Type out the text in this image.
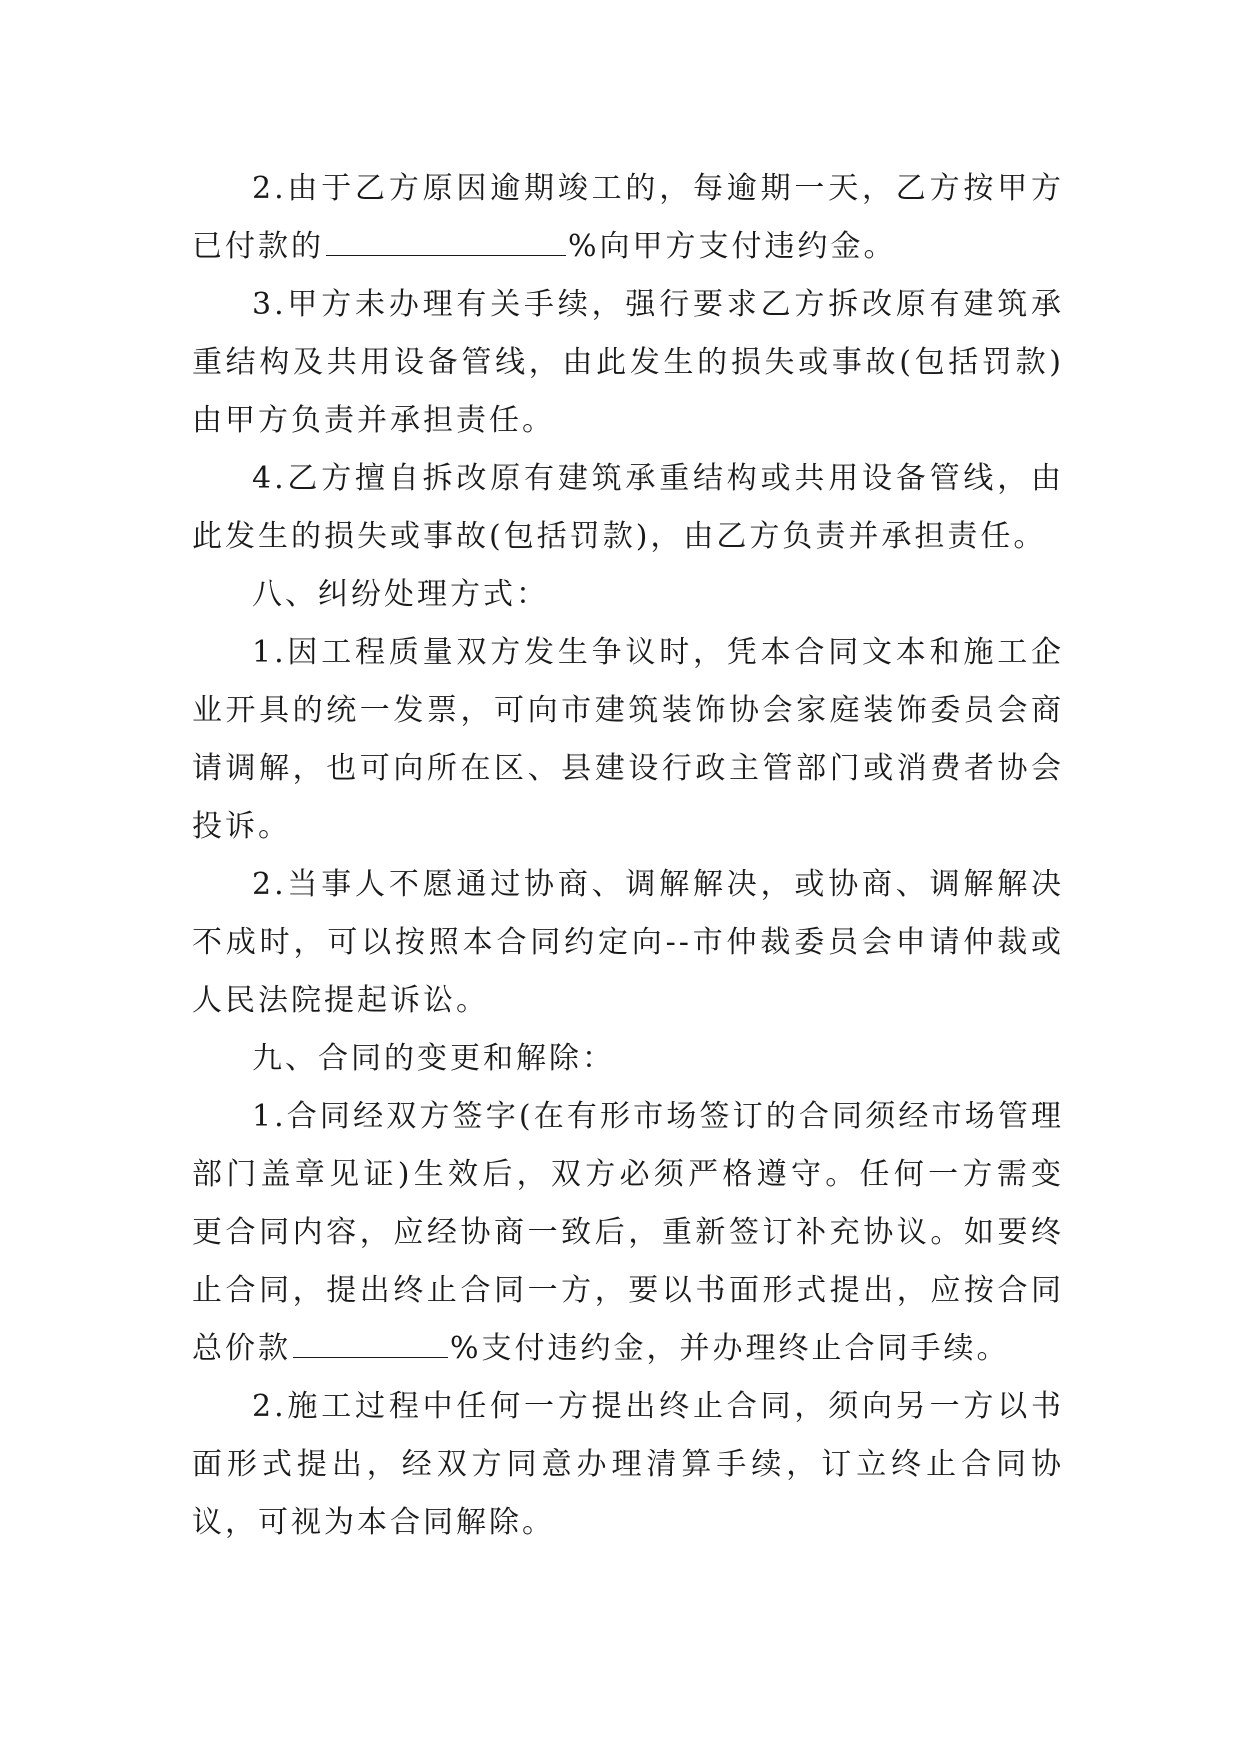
2.由于乙方原因逾期竣工的，每逾期一天，乙方按甲方已付款的	%向甲方支付违约金。

3.甲方未办理有关手续，强行要求乙方拆改原有建筑承重结构及共用设备管线，由此发生的损失或事故(包括罚款)由甲方负责并承担责任。

4.乙方擅自拆改原有建筑承重结构或共用设备管线，由此发生的损失或事故(包括罚款)，由乙方负责并承担责任。

八、纠纷处理方式：

1.因工程质量双方发生争议时，凭本合同文本和施工企业开具的统一发票，可向市建筑装饰协会家庭装饰委员会商请调解，也可向所在区、县建设行政主管部门或消费者协会投诉。

2.当事人不愿通过协商、调解解决，或协商、调解解决不成时，可以按照本合同约定向--市仲裁委员会申请仲裁或人民法院提起诉讼。

九、合同的变更和解除：

1.合同经双方签字(在有形市场签订的合同须经市场管理部门盖章见证)生效后，双方必须严格遵守。任何一方需变更合同内容，应经协商一致后，重新签订补充协议。如要终止合同，提出终止合同一方，要以书面形式提出，应按合同总价款	%支付违约金，并办理终止合同手续。

2.施工过程中任何一方提出终止合同，须向另一方以书面形式提出，经双方同意办理清算手续，订立终止合同协议，可视为本合同解除。
